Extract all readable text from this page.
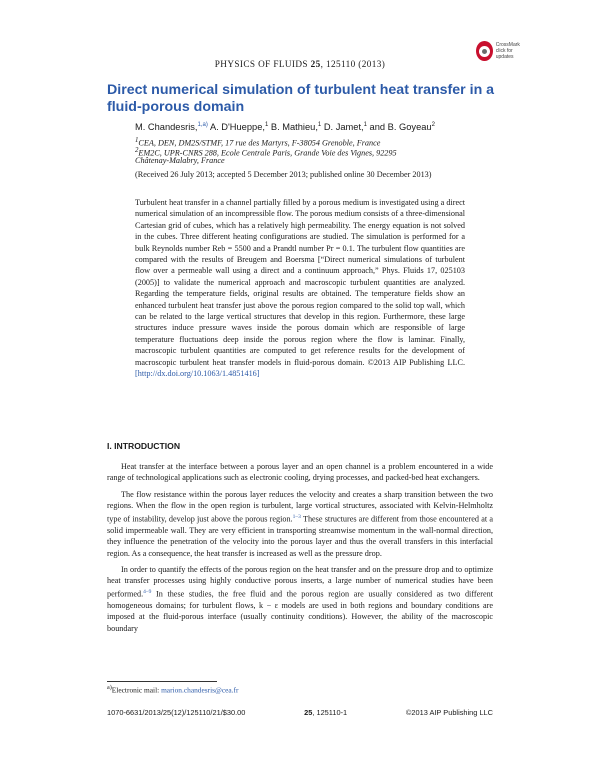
PHYSICS OF FLUIDS 25, 125110 (2013)
CrossMark
click for updates
Direct numerical simulation of turbulent heat transfer in a fluid-porous domain
M. Chandesris,$^{1,a)}$ A. D'Hueppe,$^1$ B. Mathieu,$^1$ D. Jamet,$^1$ and B. Goyeau$^2$
$^1$CEA, DEN, DM2S/STMF, 17 rue des Martyrs, F-38054 Grenoble, France
$^2$EM2C, UPR-CNRS 288, Ecole Centrale Paris, Grande Voie des Vignes, 92295
Châtenay-Malabry, France
(Received 26 July 2013; accepted 5 December 2013; published online 30 December 2013)
Turbulent heat transfer in a channel partially filled by a porous medium is investigated using a direct numerical simulation of an incompressible flow. The porous medium consists of a three-dimensional Cartesian grid of cubes, which has a relatively high permeability. The energy equation is not solved in the cubes. Three different heating configurations are studied. The simulation is performed for a bulk Reynolds number Reb = 5500 and a Prandtl number Pr = 0.1. The turbulent flow quantities are compared with the results of Breugem and Boersma [“Direct numerical simulations of turbulent flow over a permeable wall using a direct and a continuum approach,” Phys. Fluids 17, 025103 (2005)] to validate the numerical approach and macroscopic turbulent quantities are analyzed. Regarding the temperature fields, original results are obtained. The temperature fields show an enhanced turbulent heat transfer just above the porous region compared to the solid top wall, which can be related to the large vertical structures that develop in this region. Furthermore, these large structures induce pressure waves inside the porous domain which are responsible of large temperature fluctuations deep inside the porous region where the flow is laminar. Finally, macroscopic turbulent quantities are computed to get reference results for the development of macroscopic turbulent heat transfer models in fluid-porous domain. ©2013 AIP Publishing LLC. [http://dx.doi.org/10.1063/1.4851416]
I. INTRODUCTION

Heat transfer at the interface between a porous layer and an open channel is a problem encountered in a wide range of technological applications such as electronic cooling, drying processes, and packed-bed heat exchangers.

The flow resistance within the porous layer reduces the velocity and creates a sharp transition between the two regions. When the flow in the open region is turbulent, large vortical structures, associated with Kelvin-Helmholtz type of instability, develop just above the porous region.$^{1-3}$ These structures are different from those encountered at a solid impermeable wall. They are very efficient in transporting streamwise momentum in the wall-normal direction, they influence the penetration of the velocity into the porous layer and thus the overall transfers in this interfacial region. As a consequence, the heat transfer is increased as well as the pressure drop.

In order to quantify the effects of the porous region on the heat transfer and on the pressure drop and to optimize heat transfer processes using highly conductive porous inserts, a large number of numerical studies have been performed.$^{4-9}$ In these studies, the free fluid and the porous region are usually considered as two different homogeneous domains; for turbulent flows, k − ε models are used in both regions and boundary conditions are imposed at the fluid-porous interface (usually continuity conditions). However, the ability of the macroscopic boundary

$^{a)}$Electronic mail: marion.chandesris@cea.fr
1070-6631/2013/25(12)/125110/21/$30.00	25, 125110-1	©2013 AIP Publishing LLC
